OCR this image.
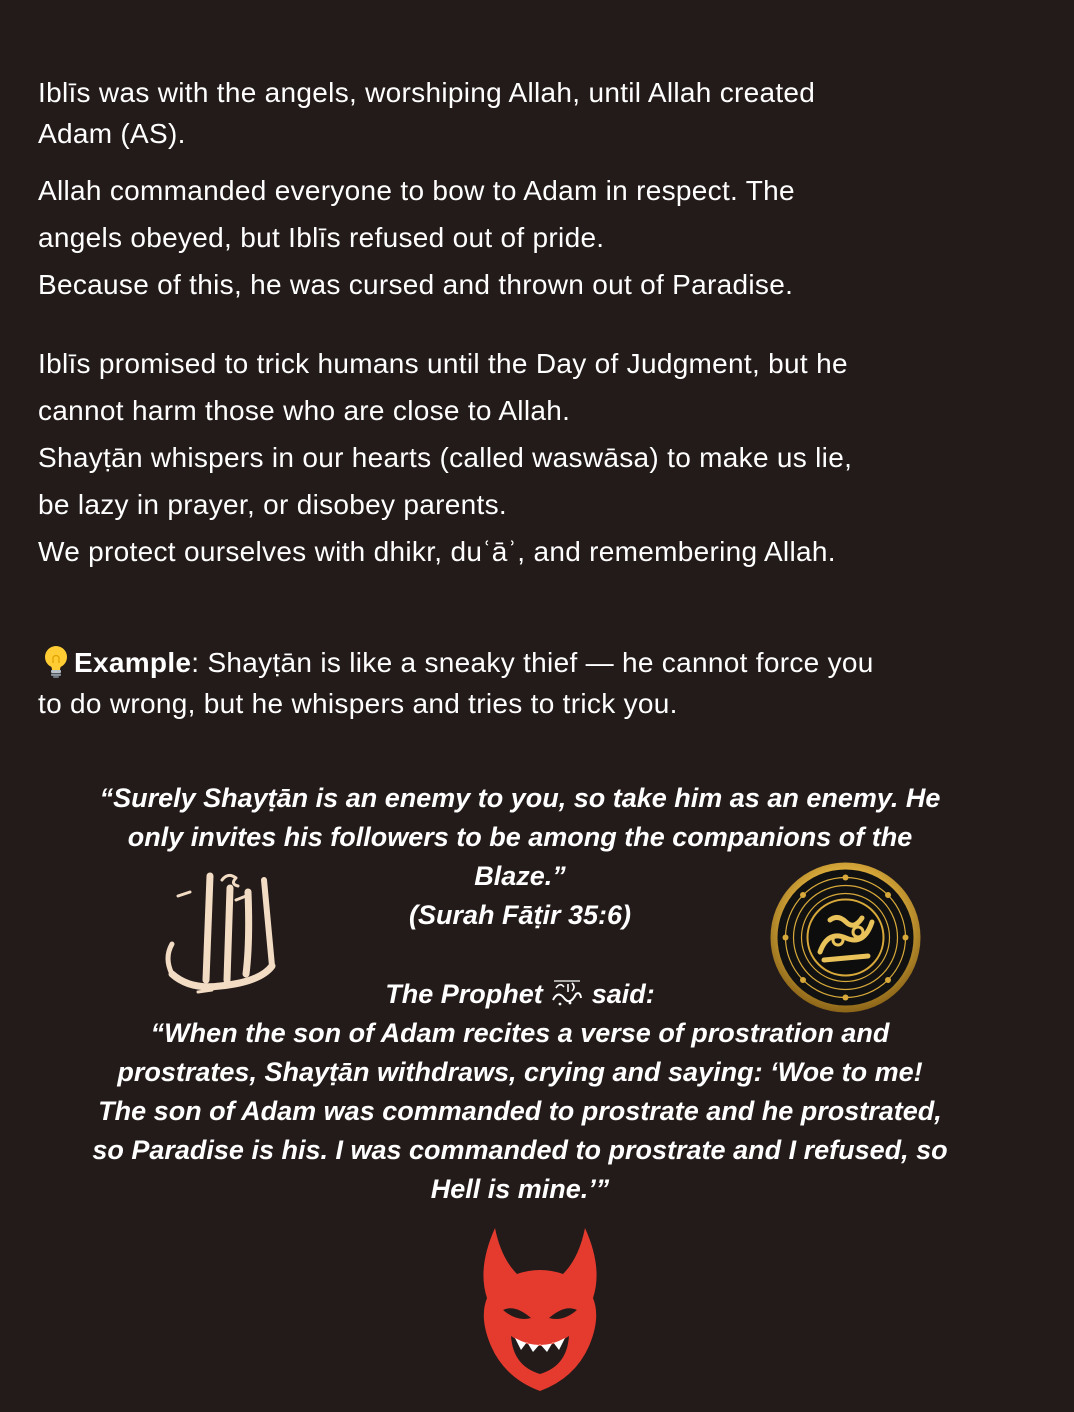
Iblīs was with the angels, worshiping Allah, until Allah created
Adam (AS).

Allah commanded everyone to bow to Adam in respect. The
angels obeyed, but Iblīs refused out of pride.
Because of this, he was cursed and thrown out of Paradise.

Iblīs promised to trick humans until the Day of Judgment, but he
cannot harm those who are close to Allah.
Shayṭān whispers in our hearts (called waswāsa) to make us lie,
be lazy in prayer, or disobey parents.
We protect ourselves with dhikr, duʿāʾ, and remembering Allah.

Example: Shayṭān is like a sneaky thief — he cannot force you
to do wrong, but he whispers and tries to trick you.

“Surely Shayṭān is an enemy to you, so take him as an enemy. He
only invites his followers to be among the companions of the
Blaze.”
(Surah Fāṭir 35:6)
The Prophet said:
“When the son of Adam recites a verse of prostration and
prostrates, Shayṭān withdraws, crying and saying: ‘Woe to me!
The son of Adam was commanded to prostrate and he prostrated,
so Paradise is his. I was commanded to prostrate and I refused, so
Hell is mine.’”
